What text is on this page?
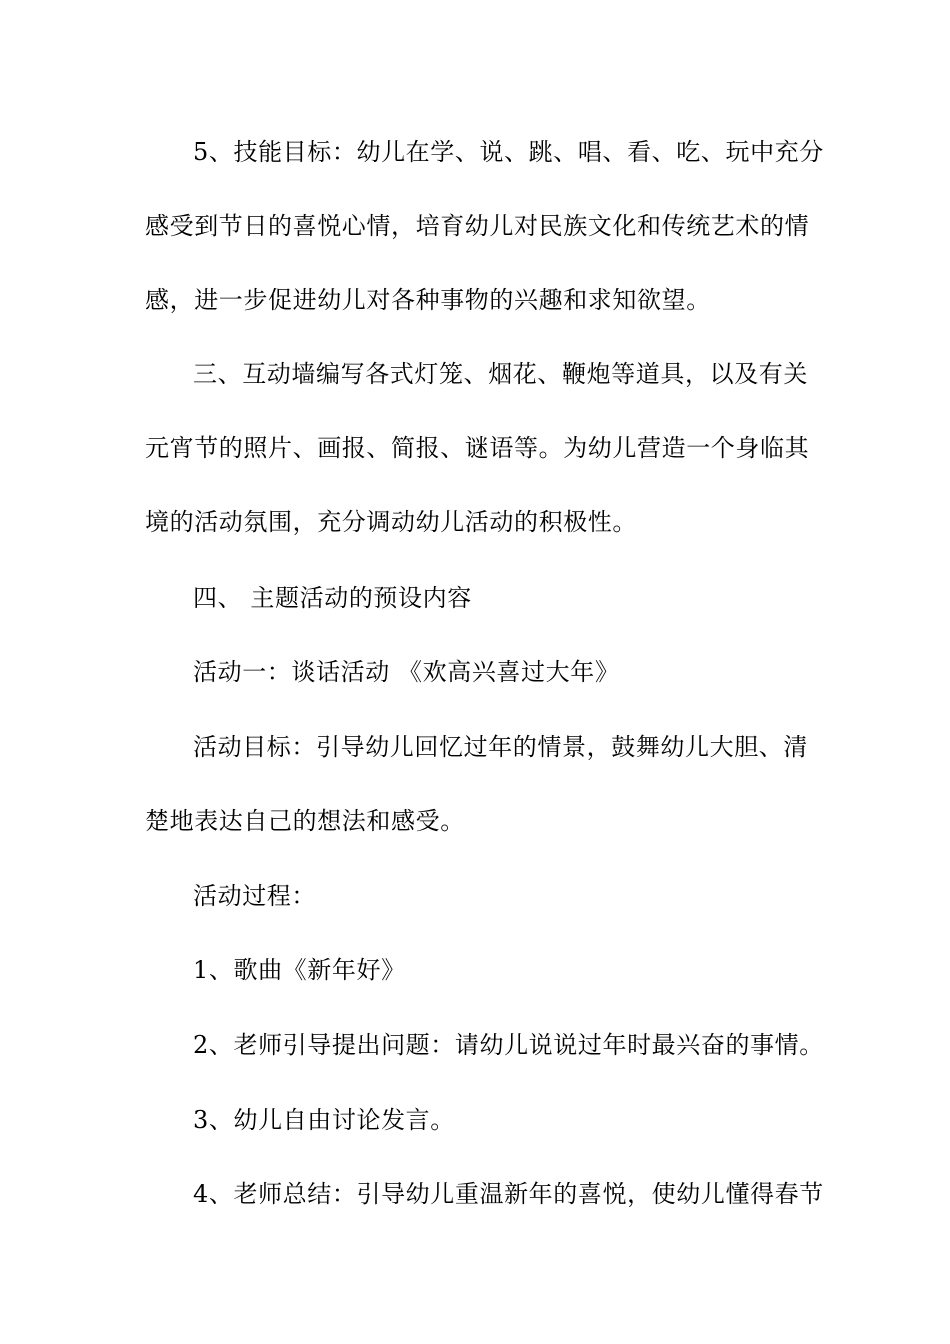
5、技能目标：幼儿在学、说、跳、唱、看、吃、玩中充分
感受到节日的喜悦心情，培育幼儿对民族文化和传统艺术的情
感，进一步促进幼儿对各种事物的兴趣和求知欲望。
三、互动墙编写各式灯笼、烟花、鞭炮等道具，以及有关
元宵节的照片、画报、简报、谜语等。为幼儿营造一个身临其
境的活动氛围，充分调动幼儿活动的积极性。
四、 主题活动的预设内容
活动一：谈话活动 《欢高兴喜过大年》
活动目标：引导幼儿回忆过年的情景，鼓舞幼儿大胆、清
楚地表达自己的想法和感受。
活动过程：
1、歌曲《新年好》
2、老师引导提出问题：请幼儿说说过年时最兴奋的事情。
3、幼儿自由讨论发言。
4、老师总结：引导幼儿重温新年的喜悦，使幼儿懂得春节
